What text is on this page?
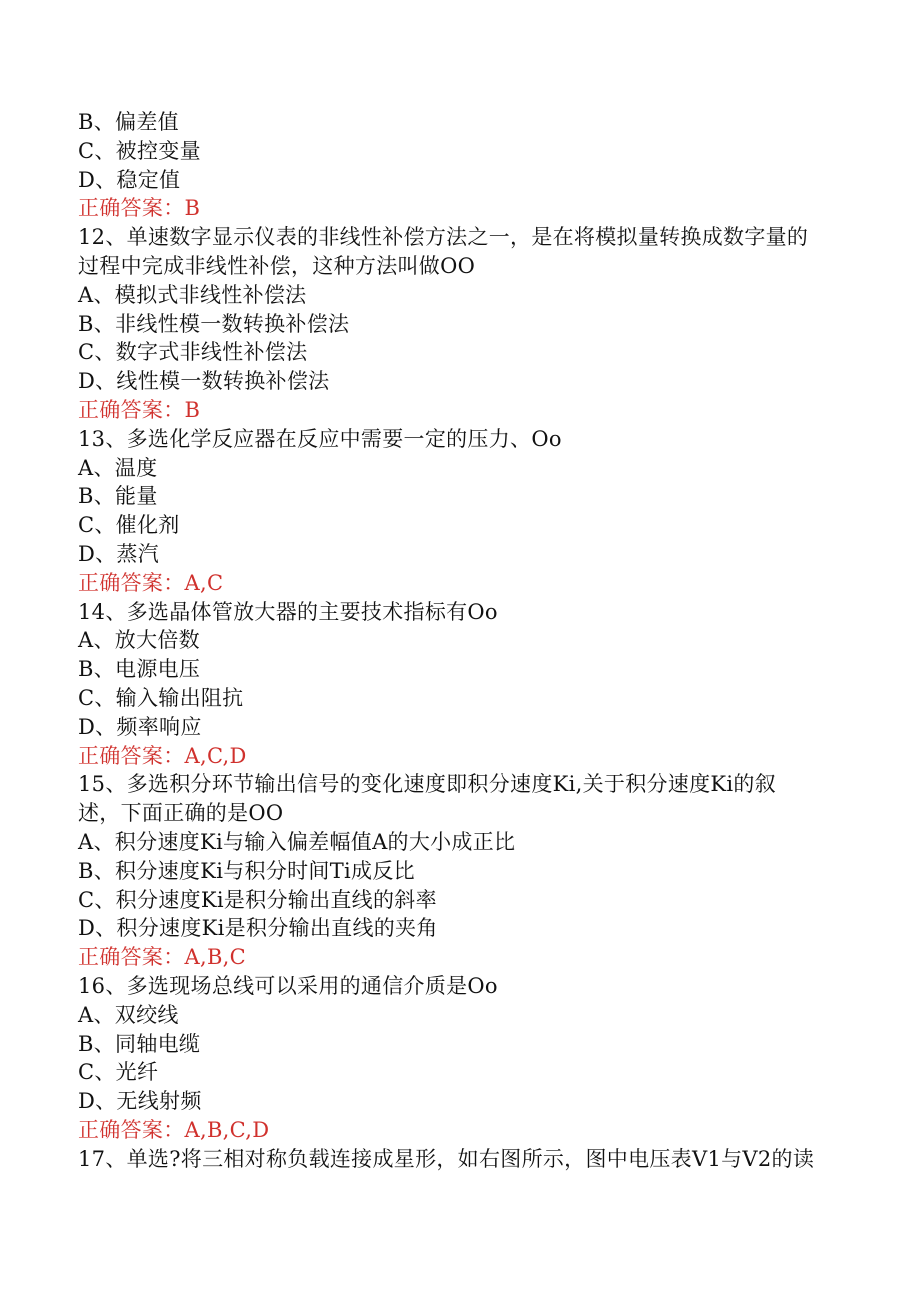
B、偏差值
C、被控变量
D、稳定值
正确答案：B
12、单速数字显示仪表的非线性补偿方法之一，是在将模拟量转换成数字量的
过程中完成非线性补偿，这种方法叫做OO
A、模拟式非线性补偿法
B、非线性模一数转换补偿法
C、数字式非线性补偿法
D、线性模一数转换补偿法
正确答案：B
13、多选化学反应器在反应中需要一定的压力、Oo
A、温度
B、能量
C、催化剂
D、蒸汽
正确答案：A,C
14、多选晶体管放大器的主要技术指标有Oo
A、放大倍数
B、电源电压
C、输入输出阻抗
D、频率响应
正确答案：A,C,D
15、多选积分环节输出信号的变化速度即积分速度Ki,关于积分速度Ki的叙
述，下面正确的是OO
A、积分速度Ki与输入偏差幅值A的大小成正比
B、积分速度Ki与积分时间Ti成反比
C、积分速度Ki是积分输出直线的斜率
D、积分速度Ki是积分输出直线的夹角
正确答案：A,B,C
16、多选现场总线可以采用的通信介质是Oo
A、双绞线
B、同轴电缆
C、光纤
D、无线射频
正确答案：A,B,C,D
17、单选?将三相对称负载连接成星形，如右图所示，图中电压表V1与V2的读
